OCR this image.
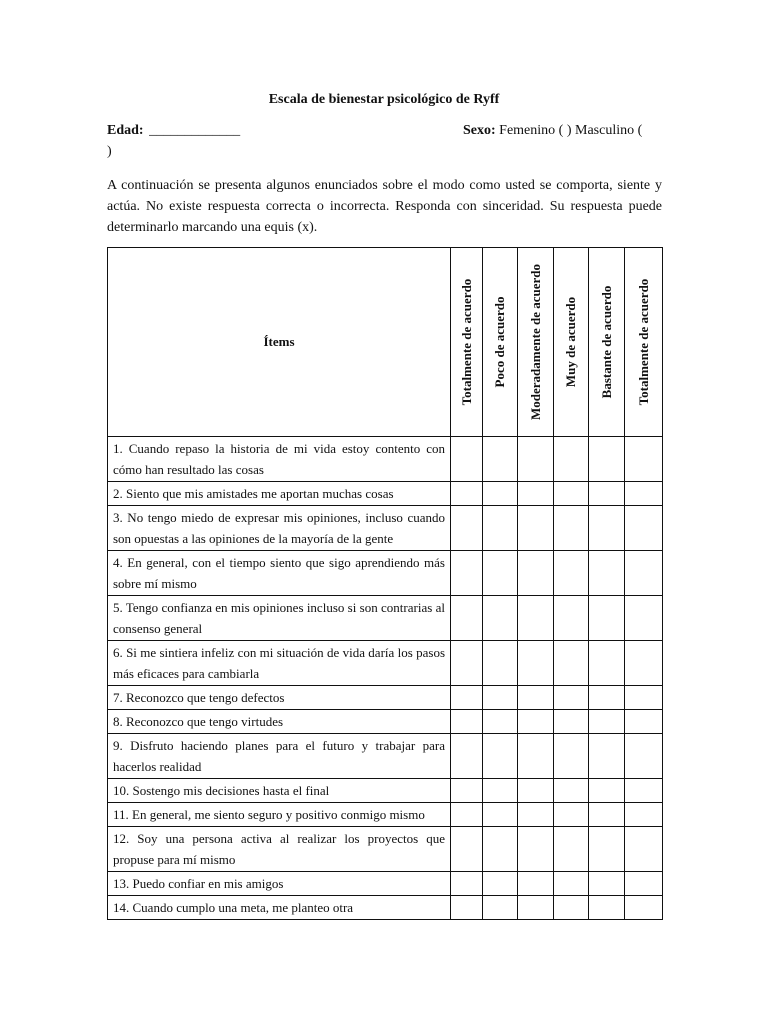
Escala de bienestar psicológico de Ryff
Edad: _____________	Sexo: Femenino ( ) Masculino (
)

A continuación se presenta algunos enunciados sobre el modo como usted se comporta, siente y actúa. No existe respuesta correcta o incorrecta. Responda con sinceridad. Su respuesta puede determinarlo marcando una equis (x).

Ítems	Totalmente de acuerdo	Poco de acuerdo	Moderadamente de acuerdo	Muy de acuerdo	Bastante de acuerdo	Totalmente de acuerdo

1. Cuando repaso la historia de mi vida estoy contento con cómo han resultado las cosas						
2. Siento que mis amistades me aportan muchas cosas						
3. No tengo miedo de expresar mis opiniones, incluso cuando son opuestas a las opiniones de la mayoría de la gente						
4. En general, con el tiempo siento que sigo aprendiendo más sobre mí mismo						
5. Tengo confianza en mis opiniones incluso si son contrarias al consenso general						
6. Si me sintiera infeliz con mi situación de vida daría los pasos más eficaces para cambiarla						
7. Reconozco que tengo defectos						
8. Reconozco que tengo virtudes						
9. Disfruto haciendo planes para el futuro y trabajar para hacerlos realidad						
10. Sostengo mis decisiones hasta el final						
11. En general, me siento seguro y positivo conmigo mismo						
12. Soy una persona activa al realizar los proyectos que propuse para mí mismo						
13. Puedo confiar en mis amigos						
14. Cuando cumplo una meta, me planteo otra						
